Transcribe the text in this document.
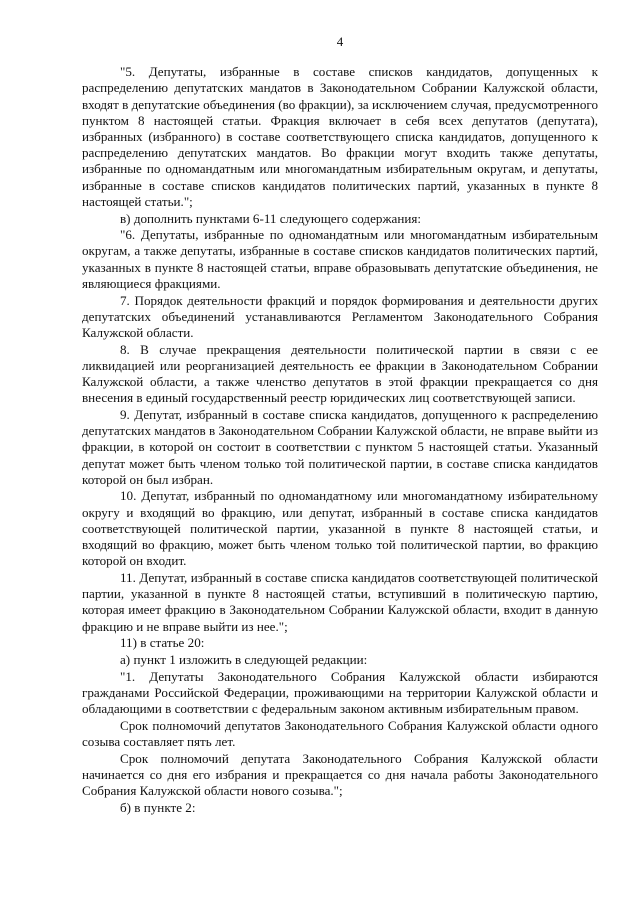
4

"5. Депутаты, избранные в составе списков кандидатов, допущенных к распределению депутатских мандатов в Законодательном Собрании Калужской области, входят в депутатские объединения (во фракции), за исключением случая, предусмотренного пунктом 8 настоящей статьи. Фракция включает в себя всех депутатов (депутата), избранных (избранного) в составе соответствующего списка кандидатов, допущенного к распределению депутатских мандатов. Во фракции могут входить также депутаты, избранные по одномандатным или многомандатным избирательным округам, и депутаты, избранные в составе списков кандидатов политических партий, указанных в пункте 8 настоящей статьи.";

в) дополнить пунктами 6-11 следующего содержания:

"6. Депутаты, избранные по одномандатным или многомандатным избирательным округам, а также депутаты, избранные в составе списков кандидатов политических партий, указанных в пункте 8 настоящей статьи, вправе образовывать депутатские объединения, не являющиеся фракциями.

7. Порядок деятельности фракций и порядок формирования и деятельности других депутатских объединений устанавливаются Регламентом Законодательного Собрания Калужской области.

8. В случае прекращения деятельности политической партии в связи с ее ликвидацией или реорганизацией деятельность ее фракции в Законодательном Собрании Калужской области, а также членство депутатов в этой фракции прекращается со дня внесения в единый государственный реестр юридических лиц соответствующей записи.

9. Депутат, избранный в составе списка кандидатов, допущенного к распределению депутатских мандатов в Законодательном Собрании Калужской области, не вправе выйти из фракции, в которой он состоит в соответствии с пунктом 5 настоящей статьи. Указанный депутат может быть членом только той политической партии, в составе списка кандидатов которой он был избран.

10. Депутат, избранный по одномандатному или многомандатному избирательному округу и входящий во фракцию, или депутат, избранный в составе списка кандидатов соответствующей политической партии, указанной в пункте 8 настоящей статьи, и входящий во фракцию, может быть членом только той политической партии, во фракцию которой он входит.

11. Депутат, избранный в составе списка кандидатов соответствующей политической партии, указанной в пункте 8 настоящей статьи, вступивший в политическую партию, которая имеет фракцию в Законодательном Собрании Калужской области, входит в данную фракцию и не вправе выйти из нее.";

11) в статье 20:

а) пункт 1 изложить в следующей редакции:

"1. Депутаты Законодательного Собрания Калужской области избираются гражданами Российской Федерации, проживающими на территории Калужской области и обладающими в соответствии с федеральным законом активным избирательным правом.

Срок полномочий депутатов Законодательного Собрания Калужской области одного созыва составляет пять лет.

Срок полномочий депутата Законодательного Собрания Калужской области начинается со дня его избрания и прекращается со дня начала работы Законодательного Собрания Калужской области нового созыва.";

б) в пункте 2:
